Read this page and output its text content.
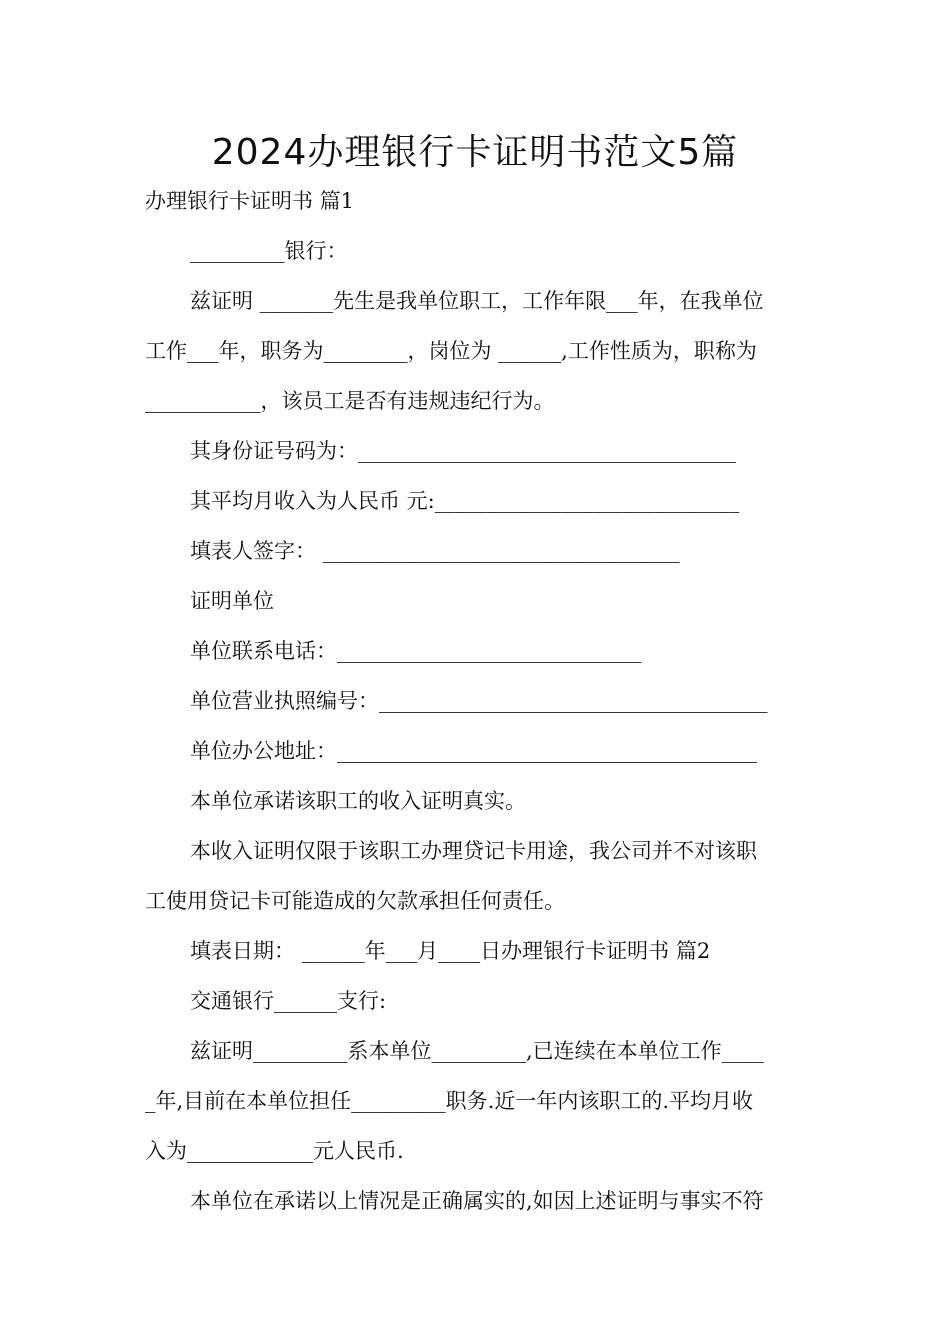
2024办理银行卡证明书范文5篇
办理银行卡证明书 篇1
_________银行：
兹证明 _______先生是我单位职工，工作年限___年，在我单位
工作___年，职务为________，岗位为 ______,工作性质为，职称为
___________，该员工是否有违规违纪行为。
其身份证号码为：____________________________________
其平均月收入为人民币 元:_____________________________
填表人签字： __________________________________
证明单位
单位联系电话：_____________________________
单位营业执照编号：_____________________________________
单位办公地址：________________________________________
本单位承诺该职工的收入证明真实。
本收入证明仅限于该职工办理贷记卡用途，我公司并不对该职
工使用贷记卡可能造成的欠款承担任何责任。
填表日期： ______年___月____日办理银行卡证明书 篇2
交通银行______支行:
兹证明_________系本单位_________,已连续在本单位工作____
_年,目前在本单位担任_________职务.近一年内该职工的.平均月收
入为____________元人民币.
本单位在承诺以上情况是正确属实的,如因上述证明与事实不符
